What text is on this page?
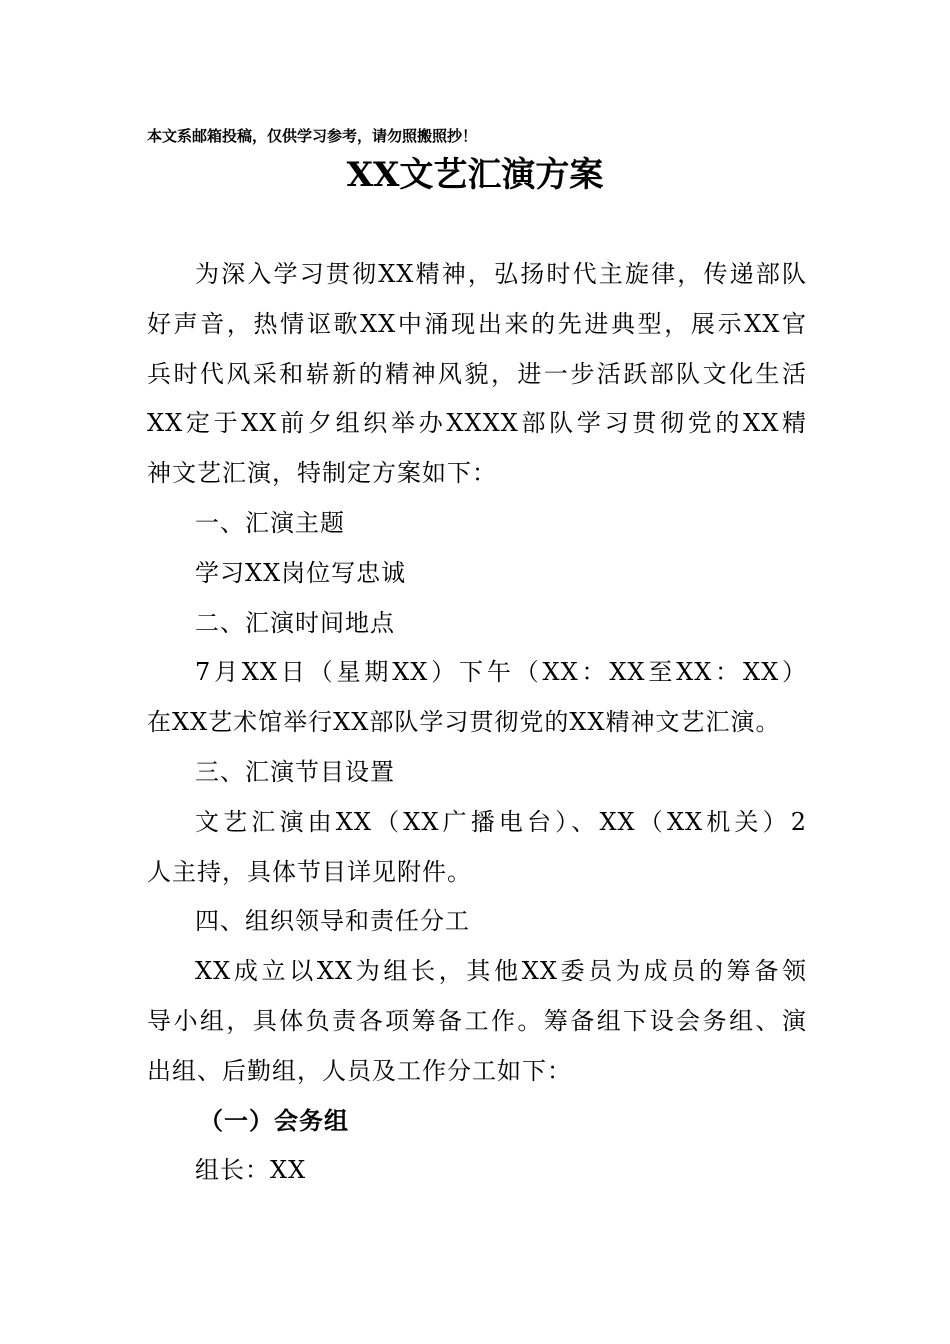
本文系邮箱投稿，仅供学习参考，请勿照搬照抄！
XX文艺汇演方案
为深入学习贯彻XX精神，弘扬时代主旋律，传递部队
好声音，热情讴歌XX中涌现出来的先进典型，展示XX官
兵时代风采和崭新的精神风貌，进一步活跃部队文化生活
XX定于XX前夕组织举办XXXX部队学习贯彻党的XX精
神文艺汇演，特制定方案如下：
一、汇演主题
学习XX岗位写忠诚
二、汇演时间地点
7月XX日（星期XX）下午（XX：XX至XX：XX）
在XX艺术馆举行XX部队学习贯彻党的XX精神文艺汇演。
三、汇演节目设置
文艺汇演由XX（XX广播电台）、XX（XX机关）2
人主持，具体节目详见附件。
四、组织领导和责任分工
XX成立以XX为组长，其他XX委员为成员的筹备领
导小组，具体负责各项筹备工作。筹备组下设会务组、演
出组、后勤组，人员及工作分工如下：
（一）会务组
组长：XX
